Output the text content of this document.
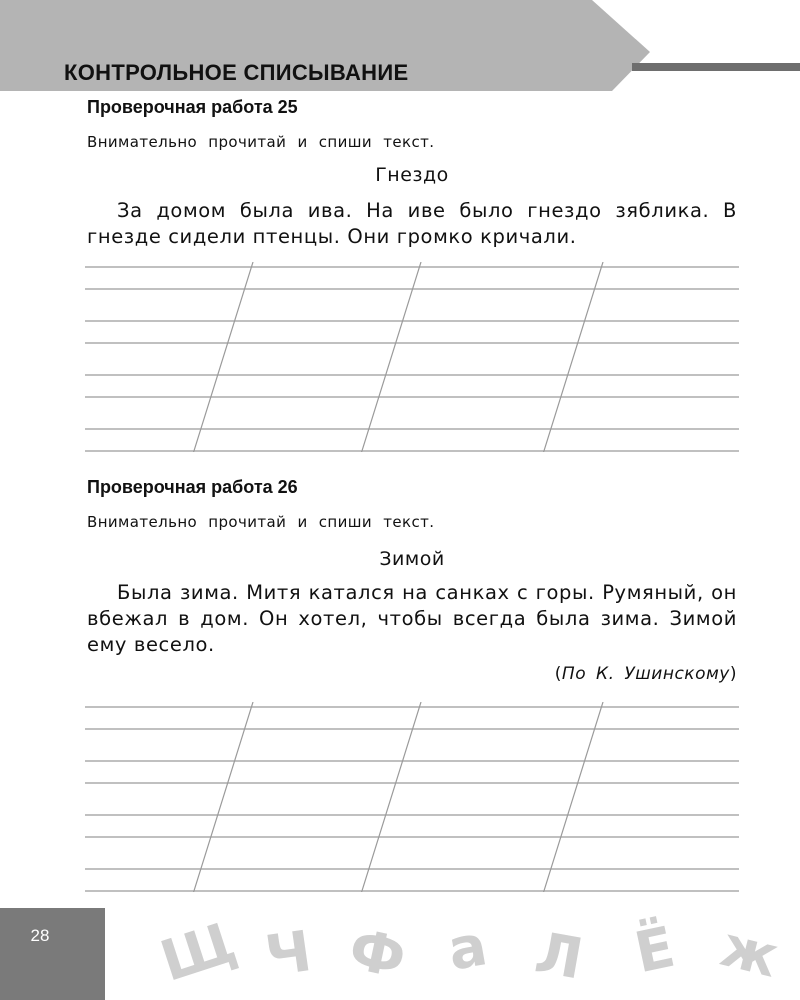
КОНТРОЛЬНОЕ СПИСЫВАНИЕ
Проверочная работа 25
Внимательно прочитай и спиши текст.
Гнездо

За домом была ива. На иве было гнездо зяблика. В гнезде сидели птенцы. Они громко кричали.

Проверочная работа 26
Внимательно прочитай и спиши текст.
Зимой

Была зима. Митя катался на санках с горы. Румяный, он вбежал в дом. Он хотел, чтобы всегда была зима. Зимой ему весело.

(По К. Ушинскому)
28	Щ Ч Ф а Л Ё ж
